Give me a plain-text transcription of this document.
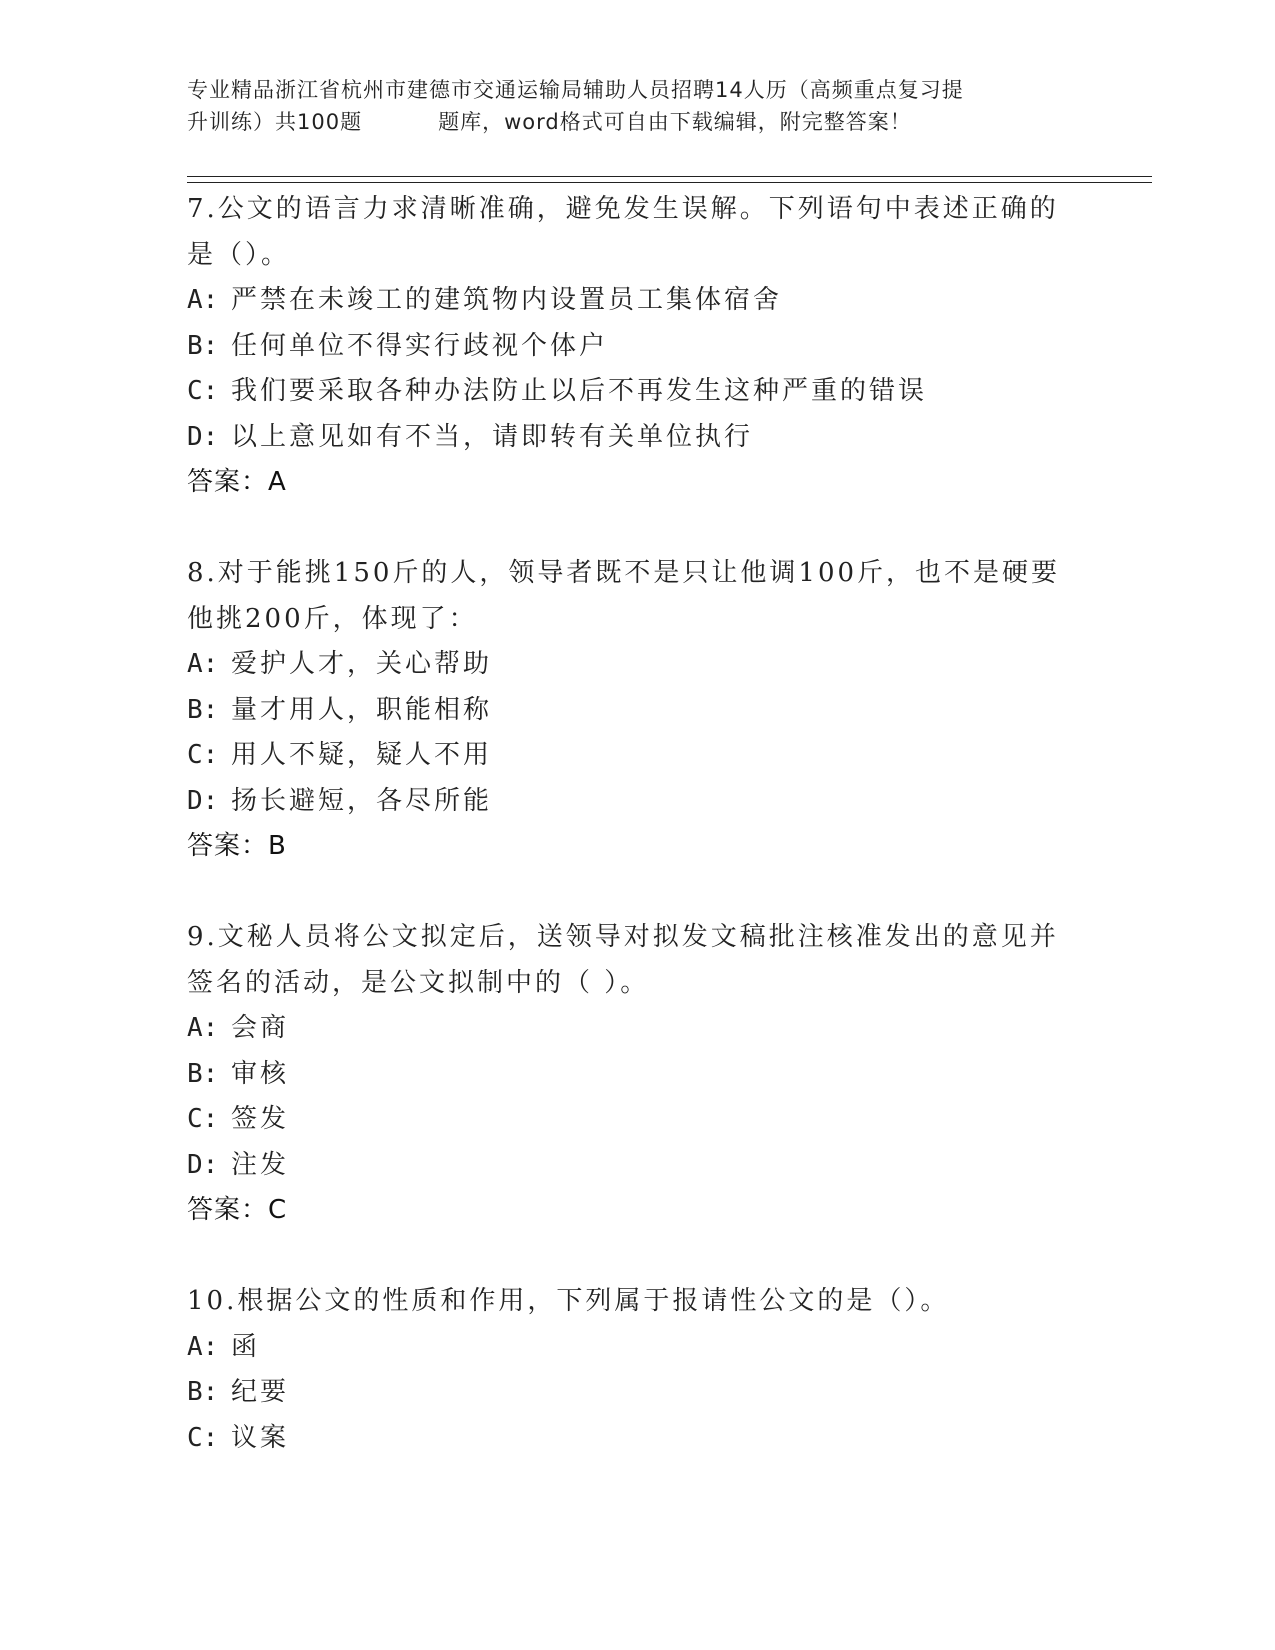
专业精品浙江省杭州市建德市交通运输局辅助人员招聘14人历（高频重点复习提
升训练）共100题	题库，word格式可自由下载编辑，附完整答案！
7.公文的语言力求清晰准确，避免发生误解。下列语句中表述正确的
是（）。
A: 严禁在未竣工的建筑物内设置员工集体宿舍
B: 任何单位不得实行歧视个体户
C: 我们要采取各种办法防止以后不再发生这种严重的错误
D: 以上意见如有不当，请即转有关单位执行
答案：A
8.对于能挑150斤的人，领导者既不是只让他调100斤，也不是硬要
他挑200斤，体现了：
A: 爱护人才，关心帮助
B: 量才用人，职能相称
C: 用人不疑，疑人不用
D: 扬长避短，各尽所能
答案：B
9.文秘人员将公文拟定后，送领导对拟发文稿批注核准发出的意见并
签名的活动，是公文拟制中的（ ）。
A: 会商
B: 审核
C: 签发
D: 注发
答案：C
10.根据公文的性质和作用，下列属于报请性公文的是（）。
A: 函
B: 纪要
C: 议案
